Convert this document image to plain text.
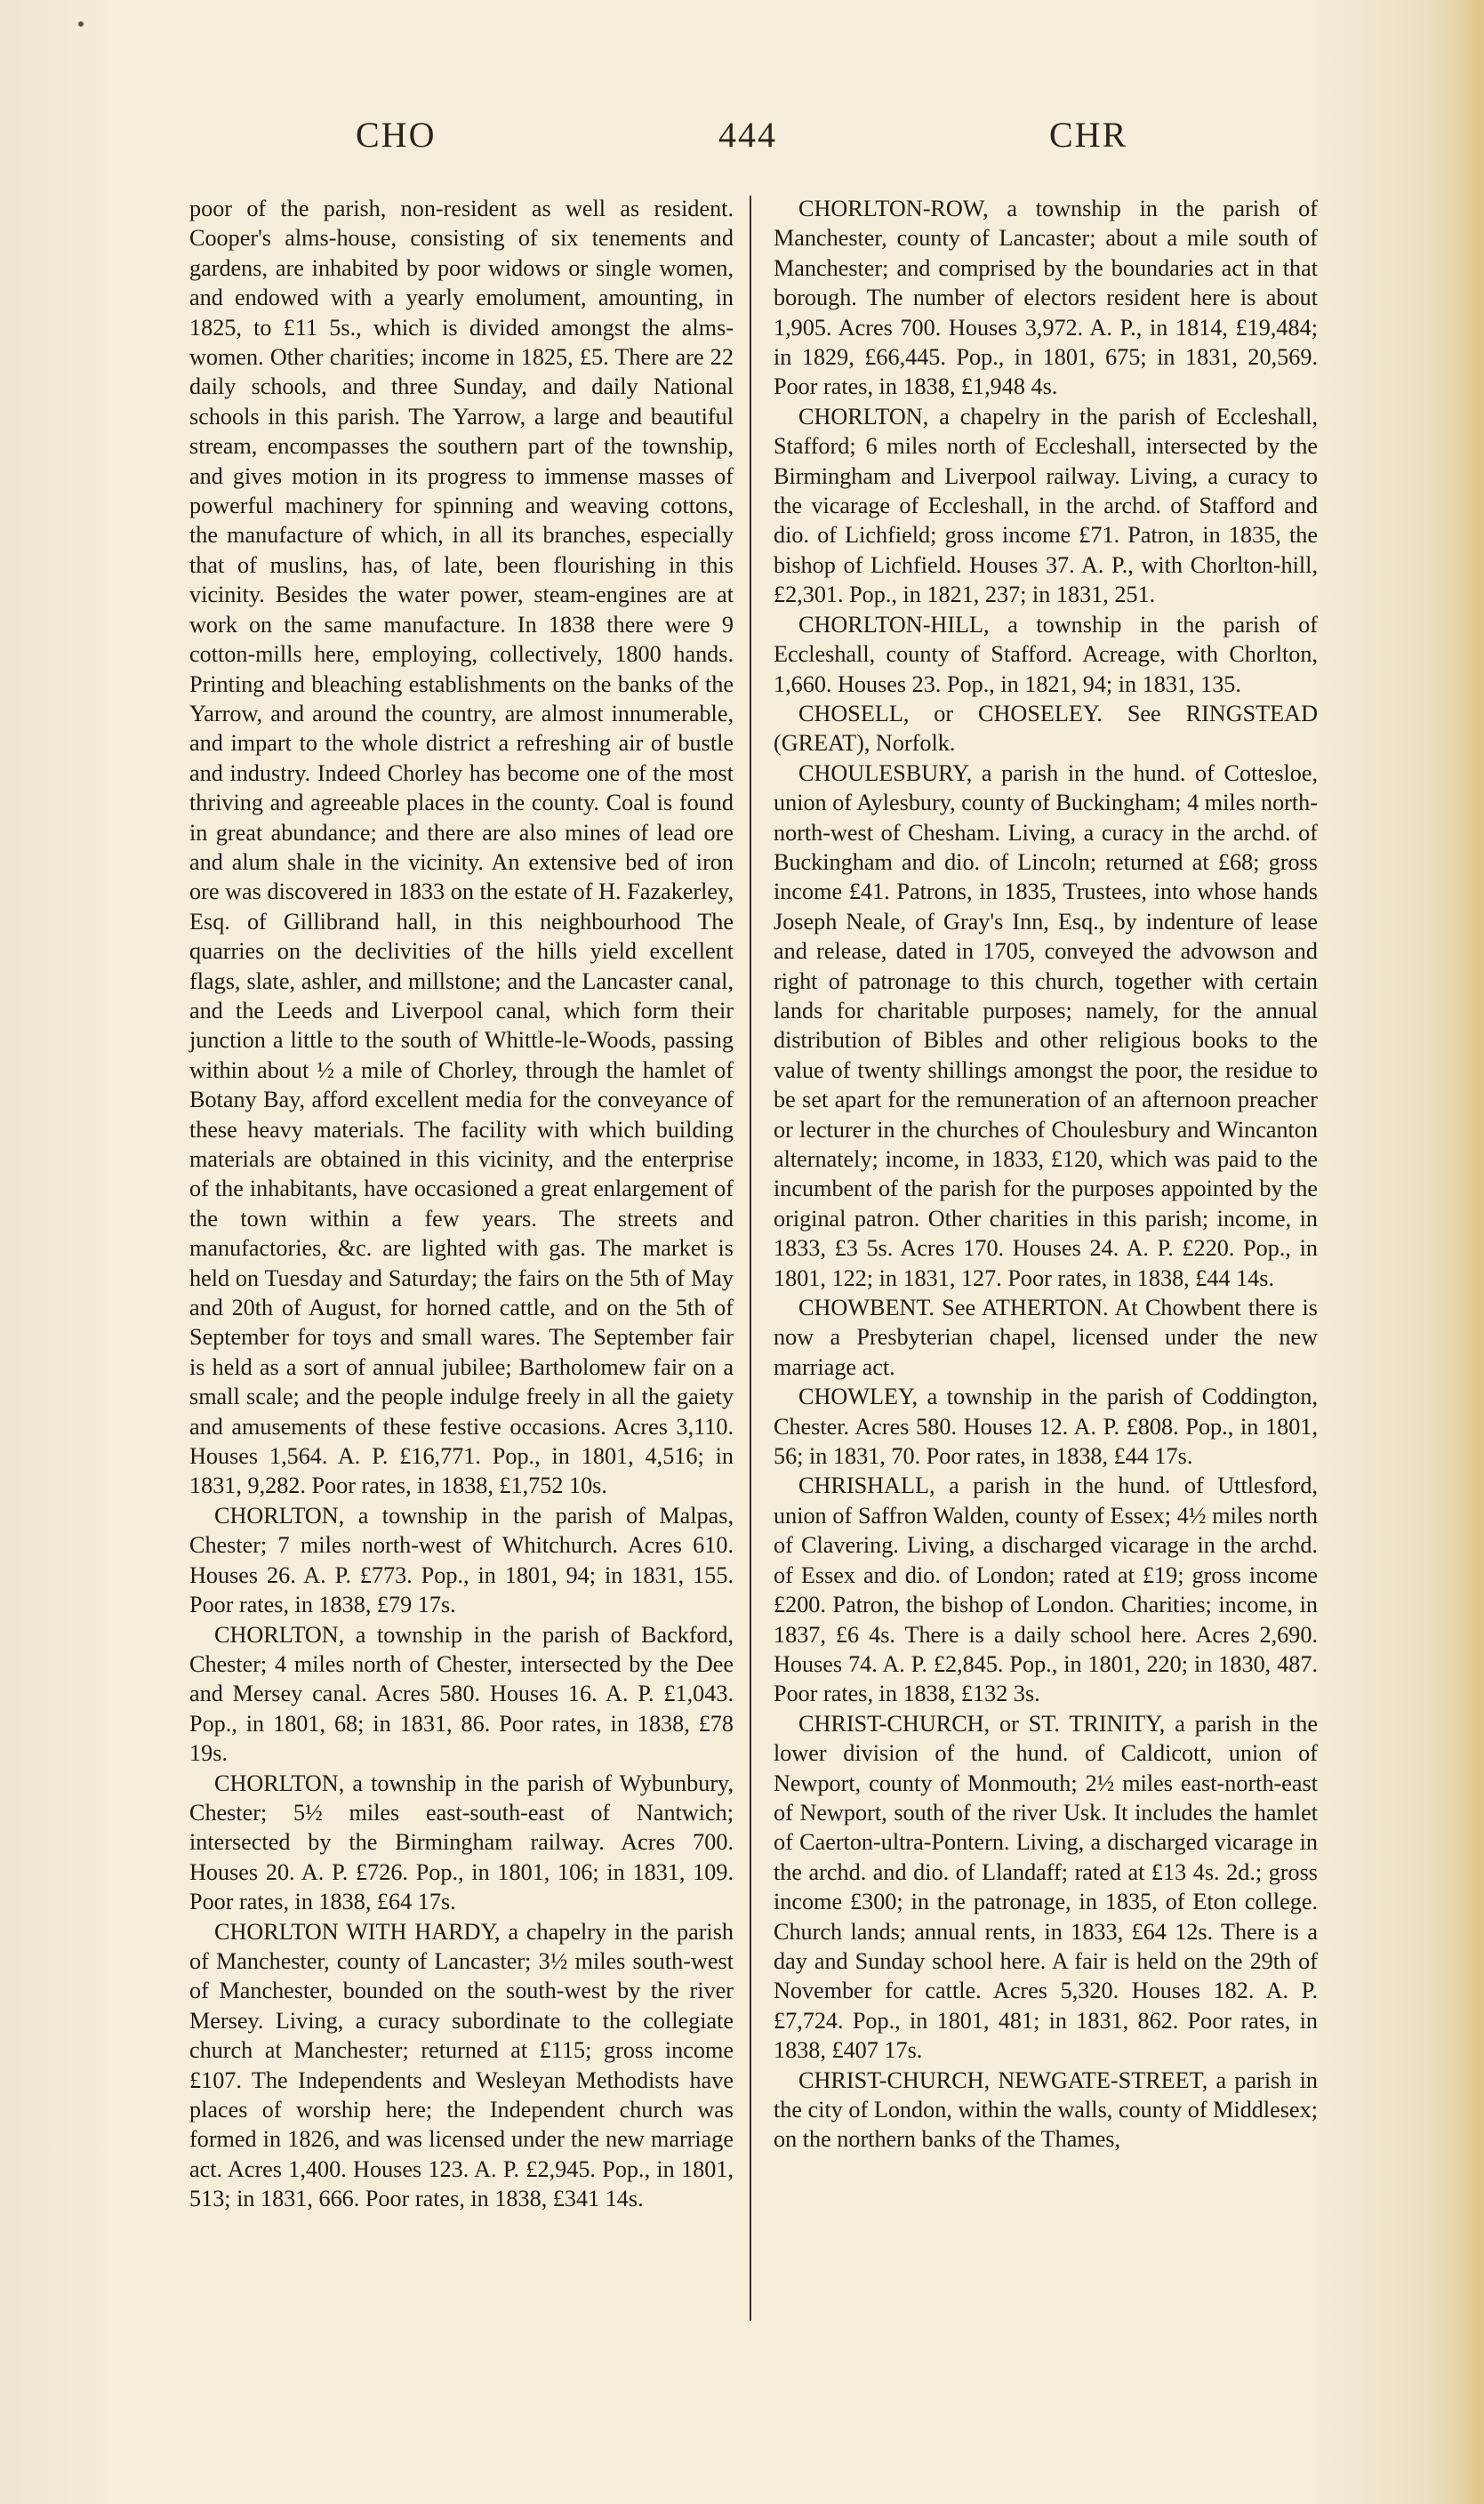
CHO	444	CHR

poor of the parish, non-resident as well as resident. Cooper's alms-house, consisting of six tenements and gardens, are inhabited by poor widows or single women, and endowed with a yearly emolument, amounting, in 1825, to £11 5s., which is divided amongst the alms-women. Other charities; income in 1825, £5. There are 22 daily schools, and three Sunday, and daily National schools in this parish. The Yarrow, a large and beautiful stream, encompasses the southern part of the township, and gives motion in its progress to immense masses of powerful machinery for spinning and weaving cottons, the manufacture of which, in all its branches, especially that of muslins, has, of late, been flourishing in this vicinity. Besides the water power, steam-engines are at work on the same manufacture. In 1838 there were 9 cotton-mills here, employing, collectively, 1800 hands. Printing and bleaching establishments on the banks of the Yarrow, and around the country, are almost innumerable, and impart to the whole district a refreshing air of bustle and industry. Indeed Chorley has become one of the most thriving and agreeable places in the county. Coal is found in great abundance; and there are also mines of lead ore and alum shale in the vicinity. An extensive bed of iron ore was discovered in 1833 on the estate of H. Fazakerley, Esq. of Gillibrand hall, in this neighbourhood The quarries on the declivities of the hills yield excellent flags, slate, ashler, and millstone; and the Lancaster canal, and the Leeds and Liverpool canal, which form their junction a little to the south of Whittle-le-Woods, passing within about ½ a mile of Chorley, through the hamlet of Botany Bay, afford excellent media for the conveyance of these heavy materials. The facility with which building materials are obtained in this vicinity, and the enterprise of the inhabitants, have occasioned a great enlargement of the town within a few years. The streets and manufactories, &c. are lighted with gas. The market is held on Tuesday and Saturday; the fairs on the 5th of May and 20th of August, for horned cattle, and on the 5th of September for toys and small wares. The September fair is held as a sort of annual jubilee; Bartholomew fair on a small scale; and the people indulge freely in all the gaiety and amusements of these festive occasions. Acres 3,110. Houses 1,564. A. P. £16,771. Pop., in 1801, 4,516; in 1831, 9,282. Poor rates, in 1838, £1,752 10s.

CHORLTON, a township in the parish of Malpas, Chester; 7 miles north-west of Whitchurch. Acres 610. Houses 26. A. P. £773. Pop., in 1801, 94; in 1831, 155. Poor rates, in 1838, £79 17s.

CHORLTON, a township in the parish of Backford, Chester; 4 miles north of Chester, intersected by the Dee and Mersey canal. Acres 580. Houses 16. A. P. £1,043. Pop., in 1801, 68; in 1831, 86. Poor rates, in 1838, £78 19s.

CHORLTON, a township in the parish of Wybunbury, Chester; 5½ miles east-south-east of Nantwich; intersected by the Birmingham railway. Acres 700. Houses 20. A. P. £726. Pop., in 1801, 106; in 1831, 109. Poor rates, in 1838, £64 17s.

CHORLTON WITH HARDY, a chapelry in the parish of Manchester, county of Lancaster; 3½ miles south-west of Manchester, bounded on the south-west by the river Mersey. Living, a curacy subordinate to the collegiate church at Manchester; returned at £115; gross income £107. The Independents and Wesleyan Methodists have places of worship here; the Independent church was formed in 1826, and was licensed under the new marriage act. Acres 1,400. Houses 123. A. P. £2,945. Pop., in 1801, 513; in 1831, 666. Poor rates, in 1838, £341 14s.

CHORLTON-ROW, a township in the parish of Manchester, county of Lancaster; about a mile south of Manchester; and comprised by the boundaries act in that borough. The number of electors resident here is about 1,905. Acres 700. Houses 3,972. A. P., in 1814, £19,484; in 1829, £66,445. Pop., in 1801, 675; in 1831, 20,569. Poor rates, in 1838, £1,948 4s.

CHORLTON, a chapelry in the parish of Eccleshall, Stafford; 6 miles north of Eccleshall, intersected by the Birmingham and Liverpool railway. Living, a curacy to the vicarage of Eccleshall, in the archd. of Stafford and dio. of Lichfield; gross income £71. Patron, in 1835, the bishop of Lichfield. Houses 37. A. P., with Chorlton-hill, £2,301. Pop., in 1821, 237; in 1831, 251.

CHORLTON-HILL, a township in the parish of Eccleshall, county of Stafford. Acreage, with Chorlton, 1,660. Houses 23. Pop., in 1821, 94; in 1831, 135.

CHOSELL, or CHOSELEY. See RINGSTEAD (GREAT), Norfolk.

CHOULESBURY, a parish in the hund. of Cottesloe, union of Aylesbury, county of Buckingham; 4 miles north-north-west of Chesham. Living, a curacy in the archd. of Buckingham and dio. of Lincoln; returned at £68; gross income £41. Patrons, in 1835, Trustees, into whose hands Joseph Neale, of Gray's Inn, Esq., by indenture of lease and release, dated in 1705, conveyed the advowson and right of patronage to this church, together with certain lands for charitable purposes; namely, for the annual distribution of Bibles and other religious books to the value of twenty shillings amongst the poor, the residue to be set apart for the remuneration of an afternoon preacher or lecturer in the churches of Choulesbury and Wincanton alternately; income, in 1833, £120, which was paid to the incumbent of the parish for the purposes appointed by the original patron. Other charities in this parish; income, in 1833, £3 5s. Acres 170. Houses 24. A. P. £220. Pop., in 1801, 122; in 1831, 127. Poor rates, in 1838, £44 14s.

CHOWBENT. See ATHERTON. At Chowbent there is now a Presbyterian chapel, licensed under the new marriage act.

CHOWLEY, a township in the parish of Coddington, Chester. Acres 580. Houses 12. A. P. £808. Pop., in 1801, 56; in 1831, 70. Poor rates, in 1838, £44 17s.

CHRISHALL, a parish in the hund. of Uttlesford, union of Saffron Walden, county of Essex; 4½ miles north of Clavering. Living, a discharged vicarage in the archd. of Essex and dio. of London; rated at £19; gross income £200. Patron, the bishop of London. Charities; income, in 1837, £6 4s. There is a daily school here. Acres 2,690. Houses 74. A. P. £2,845. Pop., in 1801, 220; in 1830, 487. Poor rates, in 1838, £132 3s.

CHRIST-CHURCH, or ST. TRINITY, a parish in the lower division of the hund. of Caldicott, union of Newport, county of Monmouth; 2½ miles east-north-east of Newport, south of the river Usk. It includes the hamlet of Caerton-ultra-Pontern. Living, a discharged vicarage in the archd. and dio. of Llandaff; rated at £13 4s. 2d.; gross income £300; in the patronage, in 1835, of Eton college. Church lands; annual rents, in 1833, £64 12s. There is a day and Sunday school here. A fair is held on the 29th of November for cattle. Acres 5,320. Houses 182. A. P. £7,724. Pop., in 1801, 481; in 1831, 862. Poor rates, in 1838, £407 17s.

CHRIST-CHURCH, NEWGATE-STREET, a parish in the city of London, within the walls, county of Middlesex; on the northern banks of the Thames,
